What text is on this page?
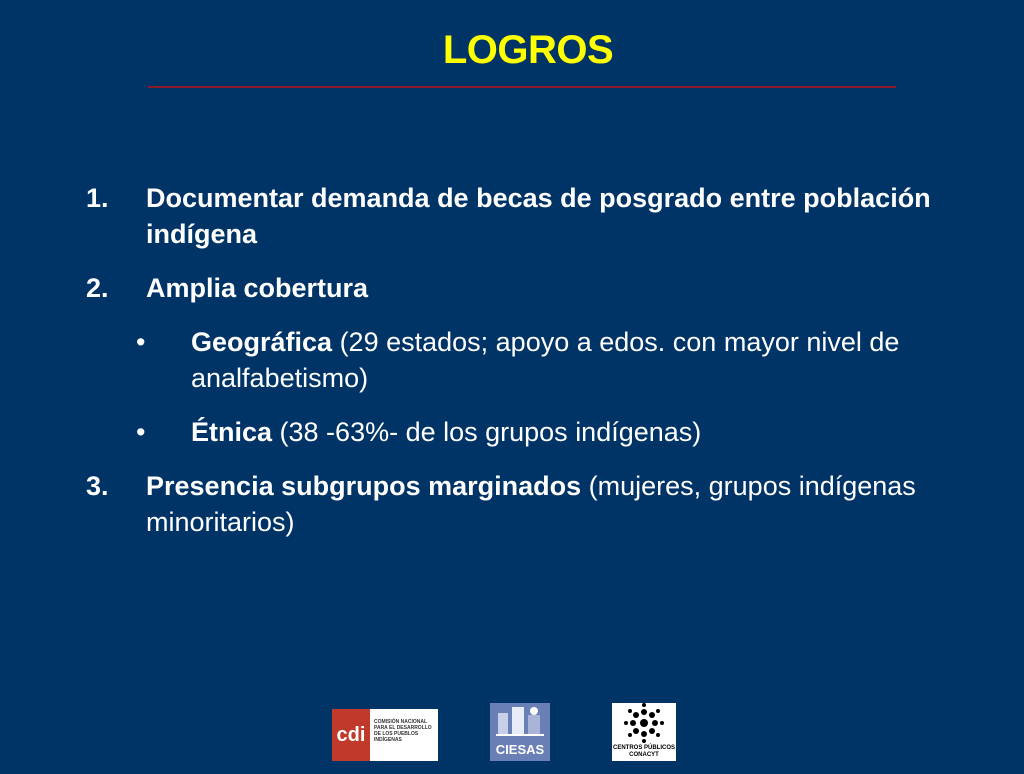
LOGROS
1. Documentar demanda de becas de posgrado entre población indígena
2. Amplia cobertura
• Geográfica (29 estados; apoyo a edos. con mayor nivel de analfabetismo)
• Étnica (38 -63%- de los grupos indígenas)
3. Presencia subgrupos marginados (mujeres, grupos indígenas minoritarios)
cdi
COMISIÓN NACIONAL PARA EL DESARROLLO DE LOS PUEBLOS INDÍGENAS
CIESAS	CENTROS PÚBLICOS
CONACYT
